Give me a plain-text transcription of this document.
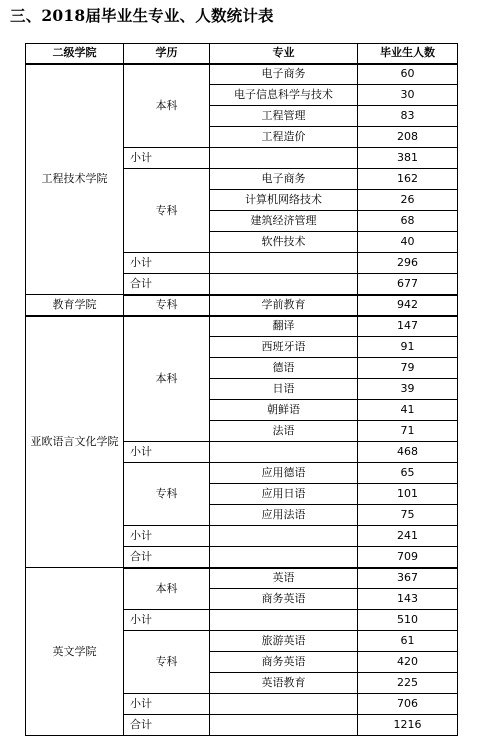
三、2018届毕业生专业、人数统计表
二级学院	学历	专业	毕业生人数
工程技术学院	本科	电子商务	60
		电子信息科学与技术	30
		工程管理	83
		工程造价	208
	小计		381
	专科	电子商务	162
		计算机网络技术	26
		建筑经济管理	68
		软件技术	40
	小计		296
	合计		677
教育学院	专科	学前教育	942
亚欧语言文化学院	本科	翻译	147
		西班牙语	91
		德语	79
		日语	39
		朝鲜语	41
		法语	71
	小计		468
	专科	应用德语	65
		应用日语	101
		应用法语	75
	小计		241
	合计		709
英文学院	本科	英语	367
		商务英语	143
	小计		510
	专科	旅游英语	61
		商务英语	420
		英语教育	225
	小计		706
	合计		1216
